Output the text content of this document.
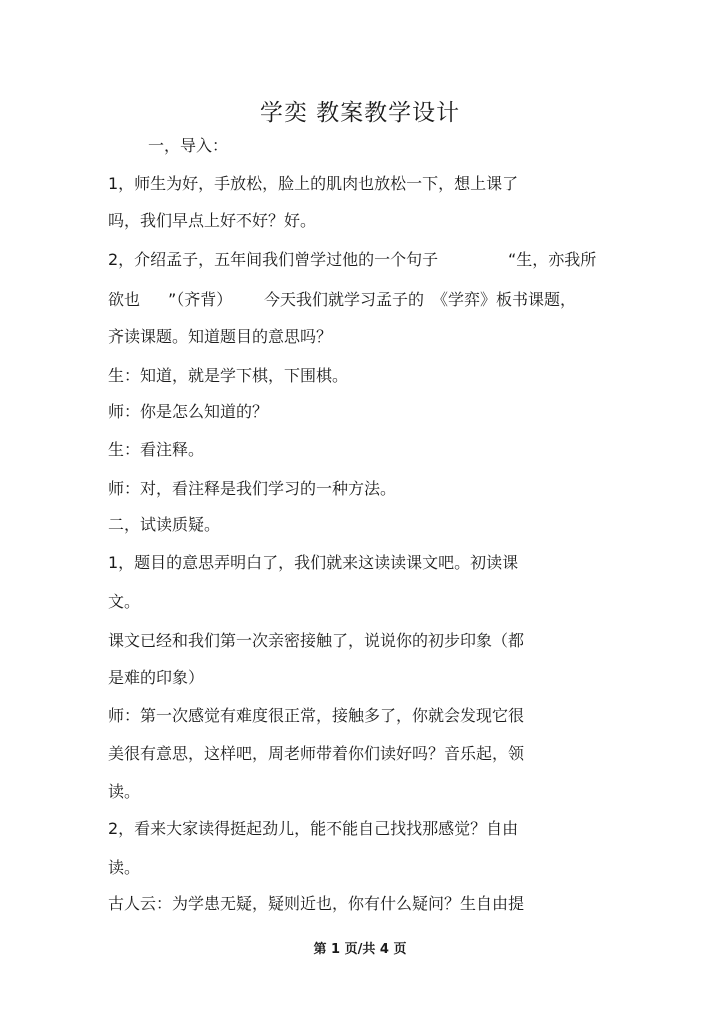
学奕 教案教学设计

一，导入：

1，师生为好，手放松，脸上的肌肉也放松一下，想上课了

吗，我们早点上好不好？好。

2，介绍孟子，五年间我们曾学过他的一个句子	“生，亦我所

欲也 ”（齐背） 今天我们就学习孟子的 《学弈》板书课题，

齐读课题。知道题目的意思吗？

生：知道，就是学下棋，下围棋。

师：你是怎么知道的？

生：看注释。

师：对，看注释是我们学习的一种方法。

二，试读质疑。

1，题目的意思弄明白了，我们就来这读读课文吧。初读课

文。

课文已经和我们第一次亲密接触了，说说你的初步印象（都

是难的印象）

师：第一次感觉有难度很正常，接触多了，你就会发现它很

美很有意思，这样吧，周老师带着你们读好吗？音乐起，领

读。

2，看来大家读得挺起劲儿，能不能自己找找那感觉？自由

读。

古人云：为学患无疑，疑则近也，你有什么疑问？生自由提

第 1 页/共 4 页
